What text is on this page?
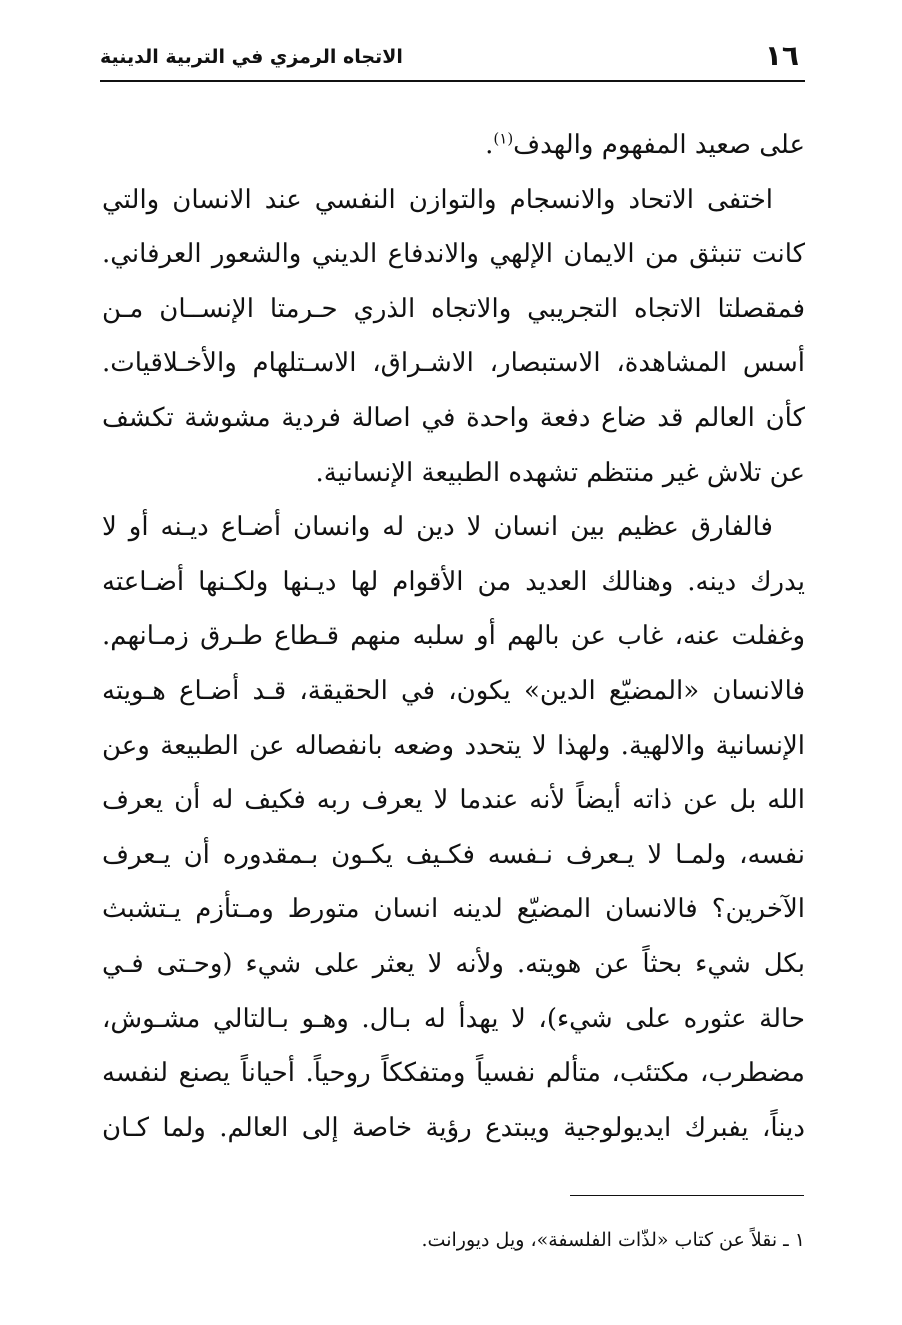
١٦
الاتجاه الرمزي في التربية الدينية
على صعيد المفهوم والهدف$^{(١)}$.
اختفى الاتحاد والانسجام والتوازن النفسي عند الانسان والتي
كانت تنبثق من الايمان الإلهي والاندفاع الديني والشعور العرفاني.
فمقصلتا الاتجاه التجريبي والاتجاه الذري حـرمتا الإنســان مـن
أسس المشاهدة، الاستبصار، الاشـراق، الاسـتلهام والأخـلاقيات.
كأن العالم قد ضاع دفعة واحدة في اصالة فردية مشوشة تكشف
عن تلاش غير منتظم تشهده الطبيعة الإنسانية.
فالفارق عظيم بين انسان لا دين له وانسان أضـاع ديـنه أو لا
يدرك دينه. وهنالك العديد من الأقوام لها ديـنها ولكـنها أضـاعته
وغفلت عنه، غاب عن بالهم أو سلبه منهم قـطاع طـرق زمـانهم.
فالانسان «المضيّع الدين» يكون، في الحقيقة، قـد أضـاع هـويته
الإنسانية والالهية. ولهذا لا يتحدد وضعه بانفصاله عن الطبيعة وعن
الله بل عن ذاته أيضاً لأنه عندما لا يعرف ربه فكيف له أن يعرف
نفسه، ولمـا لا يـعرف نـفسه فكـيف يكـون بـمقدوره أن يـعرف
الآخرين؟ فالانسان المضيّع لدينه انسان متورط ومـتأزم يـتشبث
بكل شيء بحثاً عن هويته. ولأنه لا يعثر على شيء (وحـتى فـي
حالة عثوره على شيء)، لا يهدأ له بـال. وهـو بـالتالي مشـوش،
مضطرب، مكتئب، متألم نفسياً ومتفككاً روحياً. أحياناً يصنع لنفسه
ديناً، يفبرك ايديولوجية ويبتدع رؤية خاصة إلى العالم. ولما كـان
١ ـ نقلاً عن كتاب «لذّات الفلسفة»، ويل ديورانت.
